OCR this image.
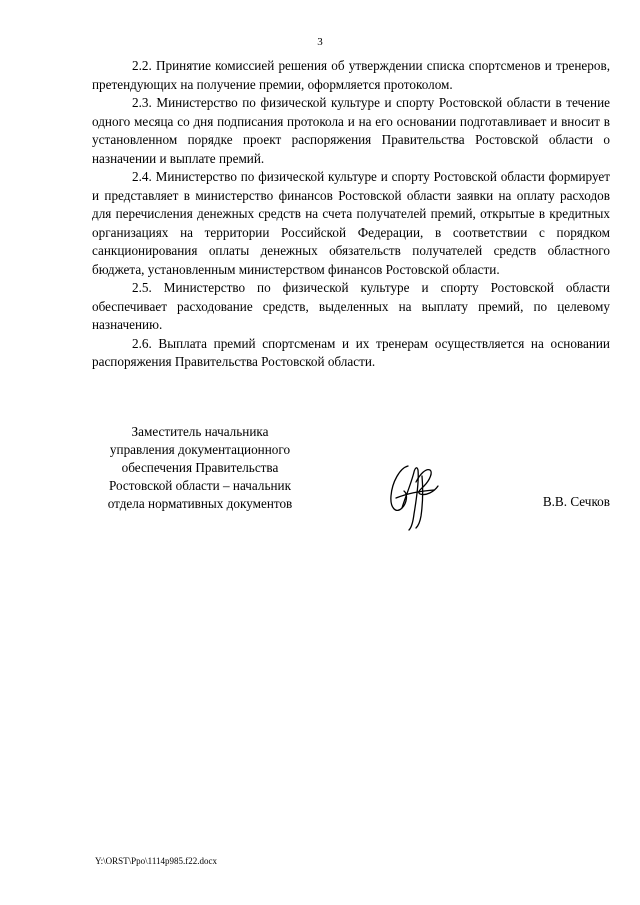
3

2.2. Принятие комиссией решения об утверждении списка спортсменов и тренеров, претендующих на получение премии, оформляется протоколом.

2.3. Министерство по физической культуре и спорту Ростовской области в течение одного месяца со дня подписания протокола и на его основании подготавливает и вносит в установленном порядке проект распоряжения Правительства Ростовской области о назначении и выплате премий.

2.4. Министерство по физической культуре и спорту Ростовской области формирует и представляет в министерство финансов Ростовской области заявки на оплату расходов для перечисления денежных средств на счета получателей премий, открытые в кредитных организациях на территории Российской Федерации, в соответствии с порядком санкционирования оплаты денежных обязательств получателей средств областного бюджета, установленным министерством финансов Ростовской области.

2.5. Министерство по физической культуре и спорту Ростовской области обеспечивает расходование средств, выделенных на выплату премий, по целевому назначению.

2.6. Выплата премий спортсменам и их тренерам осуществляется на основании распоряжения Правительства Ростовской области.

Заместитель начальника
управления документационного
обеспечения Правительства
Ростовской области – начальник
отдела нормативных документов	В.В. Сечков
Y:\ORST\Ppo\1114p985.f22.docx
